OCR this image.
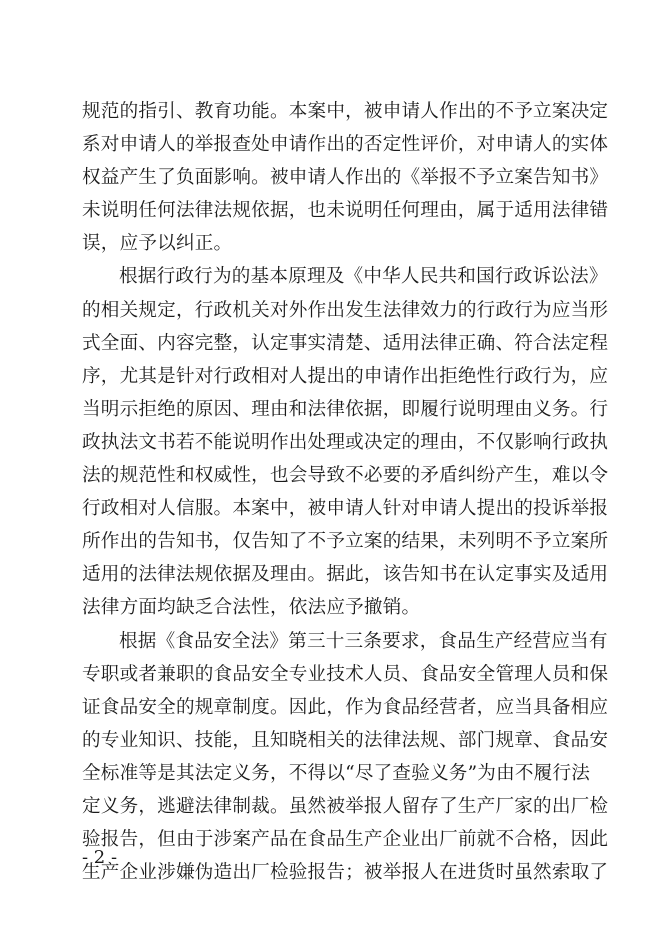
规范的指引、教育功能。本案中，被申请人作出的不予立案决定
系对申请人的举报查处申请作出的否定性评价，对申请人的实体
权益产生了负面影响。被申请人作出的《举报不予立案告知书》
未说明任何法律法规依据，也未说明任何理由，属于适用法律错
误，应予以纠正。
根据行政行为的基本原理及《中华人民共和国行政诉讼法》
的相关规定，行政机关对外作出发生法律效力的行政行为应当形
式全面、内容完整，认定事实清楚、适用法律正确、符合法定程
序，尤其是针对行政相对人提出的申请作出拒绝性行政行为，应
当明示拒绝的原因、理由和法律依据，即履行说明理由义务。行
政执法文书若不能说明作出处理或决定的理由，不仅影响行政执
法的规范性和权威性，也会导致不必要的矛盾纠纷产生，难以令
行政相对人信服。本案中，被申请人针对申请人提出的投诉举报
所作出的告知书，仅告知了不予立案的结果，未列明不予立案所
适用的法律法规依据及理由。据此，该告知书在认定事实及适用
法律方面均缺乏合法性，依法应予撤销。
根据《食品安全法》第三十三条要求，食品生产经营应当有
专职或者兼职的食品安全专业技术人员、食品安全管理人员和保
证食品安全的规章制度。因此，作为食品经营者，应当具备相应
的专业知识、技能，且知晓相关的法律法规、部门规章、食品安
全标准等是其法定义务，不得以“尽了查验义务”为由不履行法
定义务，逃避法律制裁。虽然被举报人留存了生产厂家的出厂检
验报告，但由于涉案产品在食品生产企业出厂前就不合格，因此
生产企业涉嫌伪造出厂检验报告；被举报人在进货时虽然索取了
- 2 -
